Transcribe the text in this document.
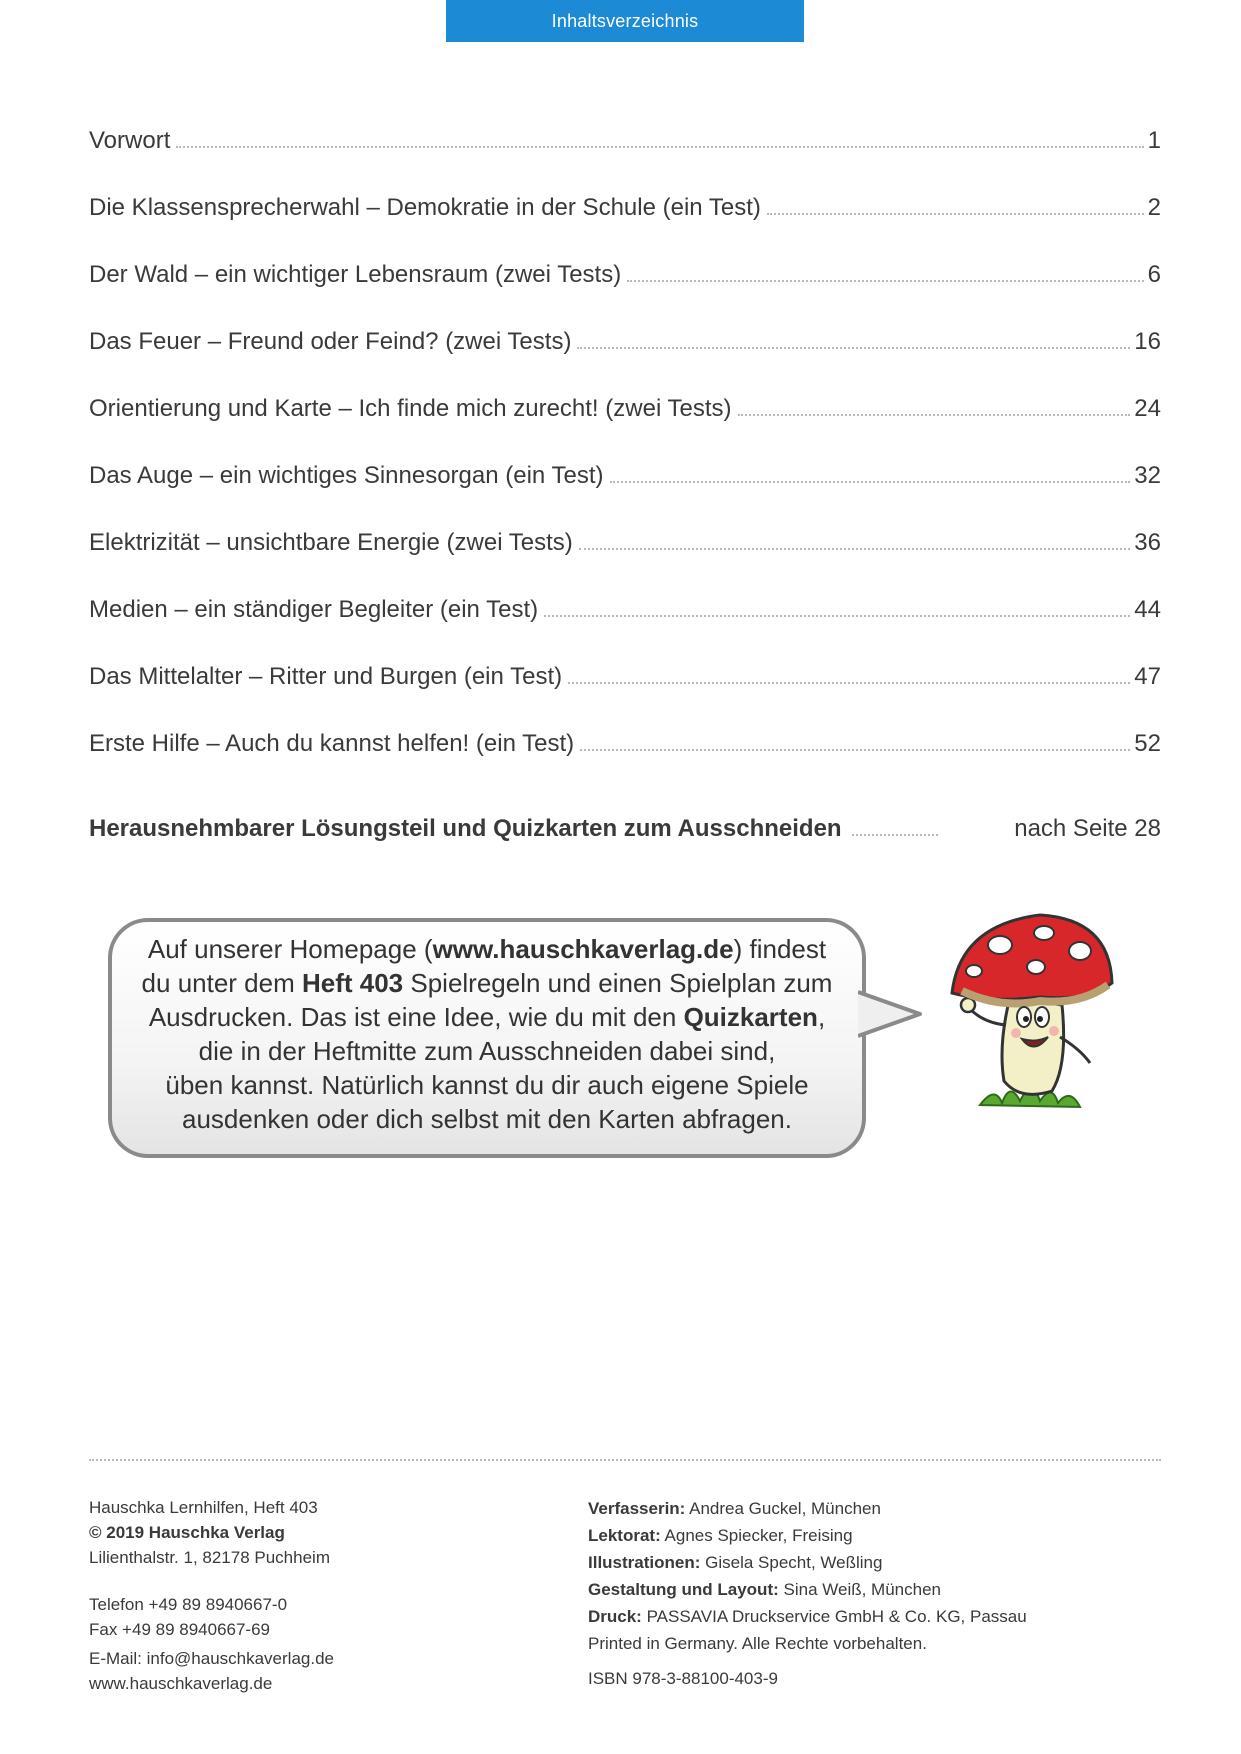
Inhaltsverzeichnis
Vorwort	1
Die Klassensprecherwahl – Demokratie in der Schule (ein Test)	2
Der Wald – ein wichtiger Lebensraum (zwei Tests)	6
Das Feuer – Freund oder Feind? (zwei Tests)	16
Orientierung und Karte – Ich finde mich zurecht! (zwei Tests)	24
Das Auge – ein wichtiges Sinnesorgan (ein Test)	32
Elektrizität – unsichtbare Energie (zwei Tests)	36
Medien – ein ständiger Begleiter (ein Test)	44
Das Mittelalter – Ritter und Burgen (ein Test)	47
Erste Hilfe – Auch du kannst helfen! (ein Test)	52
Herausnehmbarer Lösungsteil und Quizkarten zum Ausschneiden	nach Seite 28
Auf unserer Homepage (www.hauschkaverlag.de) findest
du unter dem Heft 403 Spielregeln und einen Spielplan zum
Ausdrucken. Das ist eine Idee, wie du mit den Quizkarten,
die in der Heftmitte zum Ausschneiden dabei sind,
üben kannst. Natürlich kannst du dir auch eigene Spiele
ausdenken oder dich selbst mit den Karten abfragen.
Hauschka Lernhilfen, Heft 403
© 2019 Hauschka Verlag
Lilienthalstr. 1, 82178 Puchheim
Telefon +49 89 8940667-0
Fax +49 89 8940667-69
E-Mail: info@hauschkaverlag.de
www.hauschkaverlag.de
Verfasserin: Andrea Guckel, München
Lektorat: Agnes Spiecker, Freising
Illustrationen: Gisela Specht, Weßling
Gestaltung und Layout: Sina Weiß, München
Druck: PASSAVIA Druckservice GmbH & Co. KG, Passau
Printed in Germany. Alle Rechte vorbehalten.
ISBN 978-3-88100-403-9
